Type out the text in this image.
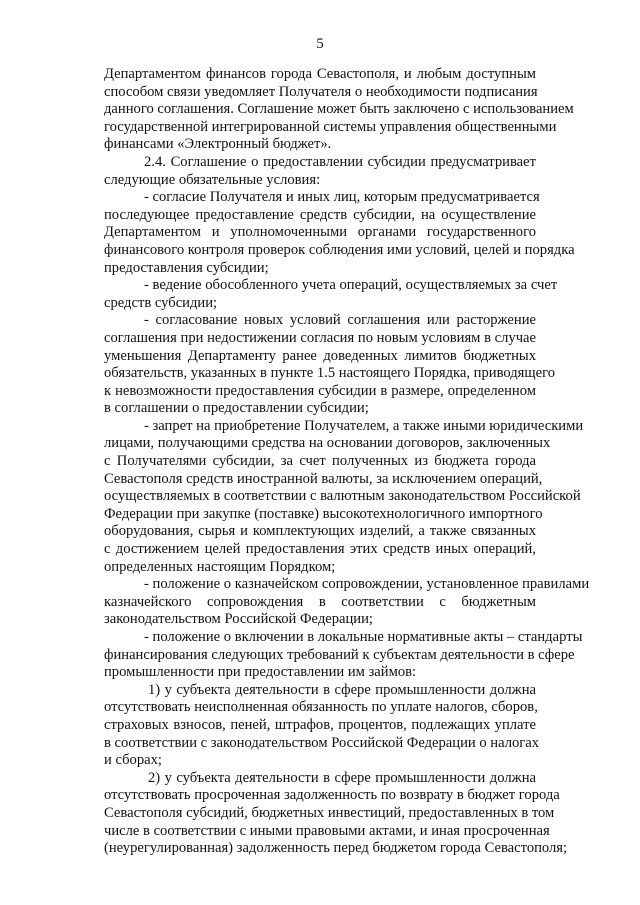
5
Департаментом финансов города Севастополя, и любым доступным
способом связи уведомляет Получателя о необходимости подписания
данного соглашения. Соглашение может быть заключено с использованием
государственной интегрированной системы управления общественными
финансами «Электронный бюджет».
2.4. Соглашение о предоставлении субсидии предусматривает
следующие обязательные условия:
- согласие Получателя и иных лиц, которым предусматривается
последующее предоставление средств субсидии, на осуществление
Департаментом и уполномоченными органами государственного
финансового контроля проверок соблюдения ими условий, целей и порядка
предоставления субсидии;
- ведение обособленного учета операций, осуществляемых за счет
средств субсидии;
- согласование новых условий соглашения или расторжение
соглашения при недостижении согласия по новым условиям в случае
уменьшения Департаменту ранее доведенных лимитов бюджетных
обязательств, указанных в пункте 1.5 настоящего Порядка, приводящего
к невозможности предоставления субсидии в размере, определенном
в соглашении о предоставлении субсидии;
- запрет на приобретение Получателем, а также иными юридическими
лицами, получающими средства на основании договоров, заключенных
с Получателями субсидии, за счет полученных из бюджета города
Севастополя средств иностранной валюты, за исключением операций,
осуществляемых в соответствии с валютным законодательством Российской
Федерации при закупке (поставке) высокотехнологичного импортного
оборудования, сырья и комплектующих изделий, а также связанных
с достижением целей предоставления этих средств иных операций,
определенных настоящим Порядком;
- положение о казначейском сопровождении, установленное правилами
казначейского сопровождения в соответствии с бюджетным
законодательством Российской Федерации;
- положение о включении в локальные нормативные акты – стандарты
финансирования следующих требований к субъектам деятельности в сфере
промышленности при предоставлении им займов:
1) у субъекта деятельности в сфере промышленности должна
отсутствовать неисполненная обязанность по уплате налогов, сборов,
страховых взносов, пеней, штрафов, процентов, подлежащих уплате
в соответствии с законодательством Российской Федерации о налогах
и сборах;
2) у субъекта деятельности в сфере промышленности должна
отсутствовать просроченная задолженность по возврату в бюджет города
Севастополя субсидий, бюджетных инвестиций, предоставленных в том
числе в соответствии с иными правовыми актами, и иная просроченная
(неурегулированная) задолженность перед бюджетом города Севастополя;
